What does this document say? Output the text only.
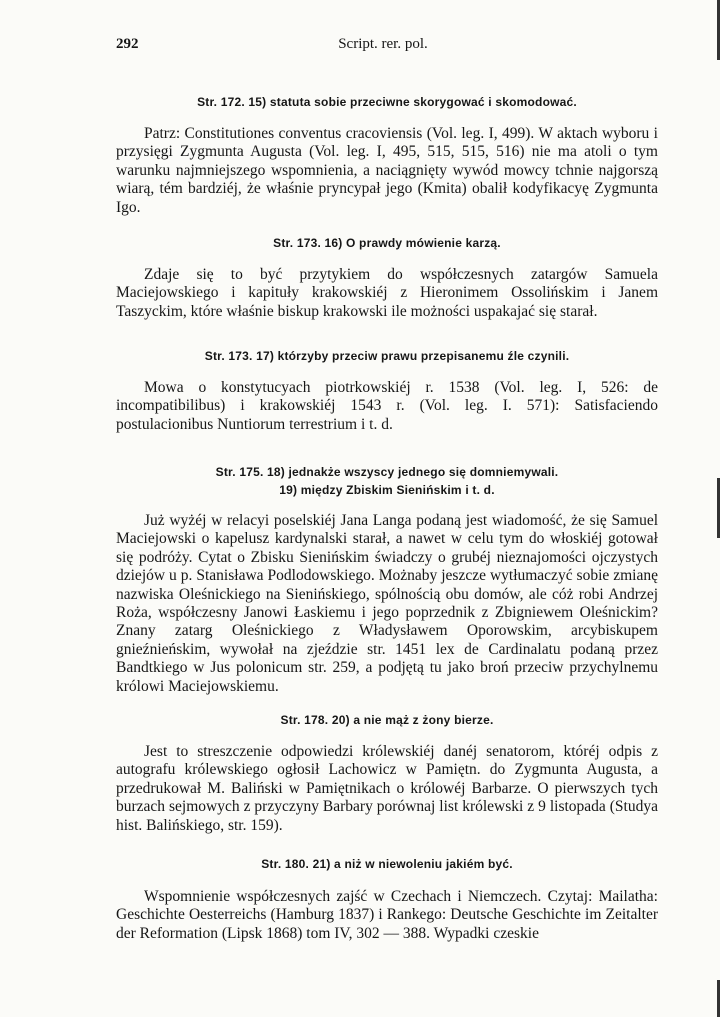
292	Script. rer. pol.
Str. 172. 15) statuta sobie przeciwne skorygować i skomodować.
Patrz: Constitutiones conventus cracoviensis (Vol. leg. I, 499). W aktach wyboru i przysięgi Zygmunta Augusta (Vol. leg. I, 495, 515, 515, 516) nie ma atoli o tym warunku najmniejszego wspomnienia, a naciągnięty wywód mowcy tchnie najgorszą wiarą, tém bardziéj, że właśnie pryncypał jego (Kmita) obalił kodyfikacyę Zygmunta Igo.
Str. 173. 16) O prawdy mówienie karzą.
Zdaje się to być przytykiem do współczesnych zatargów Samuela Maciejowskiego i kapituły krakowskiéj z Hieronimem Ossolińskim i Janem Taszyckim, które właśnie biskup krakowski ile możności uspakajać się starał.
Str. 173. 17) którzyby przeciw prawu przepisanemu źle czynili.
Mowa o konstytucyach piotrkowskiéj r. 1538 (Vol. leg. I, 526: de incompatibilibus) i krakowskiéj 1543 r. (Vol. leg. I. 571): Satisfaciendo postulacionibus Nuntiorum terrestrium i t. d.
Str. 175. 18) jednakże wszyscy jednego się domniemywali.
19) między Zbiskim Sienińskim i t. d.
Już wyżéj w relacyi poselskiéj Jana Langa podaną jest wiadomość, że się Samuel Maciejowski o kapelusz kardynalski starał, a nawet w celu tym do włoskiéj gotował się podróży. Cytat o Zbisku Sienińskim świadczy o grubéj nieznajomości ojczystych dziejów u p. Stanisława Podlodowskiego. Możnaby jeszcze wytłumaczyć sobie zmianę nazwiska Oleśnickiego na Sienińskiego, spólnością obu domów, ale cóż robi Andrzej Roża, współczesny Janowi Łaskiemu i jego poprzednik z Zbigniewem Oleśnickim? Znany zatarg Oleśnickiego z Władysławem Oporowskim, arcybiskupem gnieźnieńskim, wywołał na zjeździe str. 1451 lex de Cardinalatu podaną przez Bandtkiego w Jus polonicum str. 259, a podjętą tu jako broń przeciw przychylnemu królowi Maciejowskiemu.
Str. 178. 20) a nie mąż z żony bierze.
Jest to streszczenie odpowiedzi królewskiéj danéj senatorom, któréj odpis z autografu królewskiego ogłosił Lachowicz w Pamiętn. do Zygmunta Augusta, a przedrukował M. Baliński w Pamiętnikach o królowéj Barbarze. O pierwszych tych burzach sejmowych z przyczyny Barbary porównaj list królewski z 9 listopada (Studya hist. Balińskiego, str. 159).
Str. 180. 21) a niż w niewoleniu jakiém być.
Wspomnienie współczesnych zajść w Czechach i Niemczech. Czytaj: Mailatha: Geschichte Oesterreichs (Hamburg 1837) i Rankego: Deutsche Geschichte im Zeitalter der Reformation (Lipsk 1868) tom IV, 302 — 388. Wypadki czeskie
